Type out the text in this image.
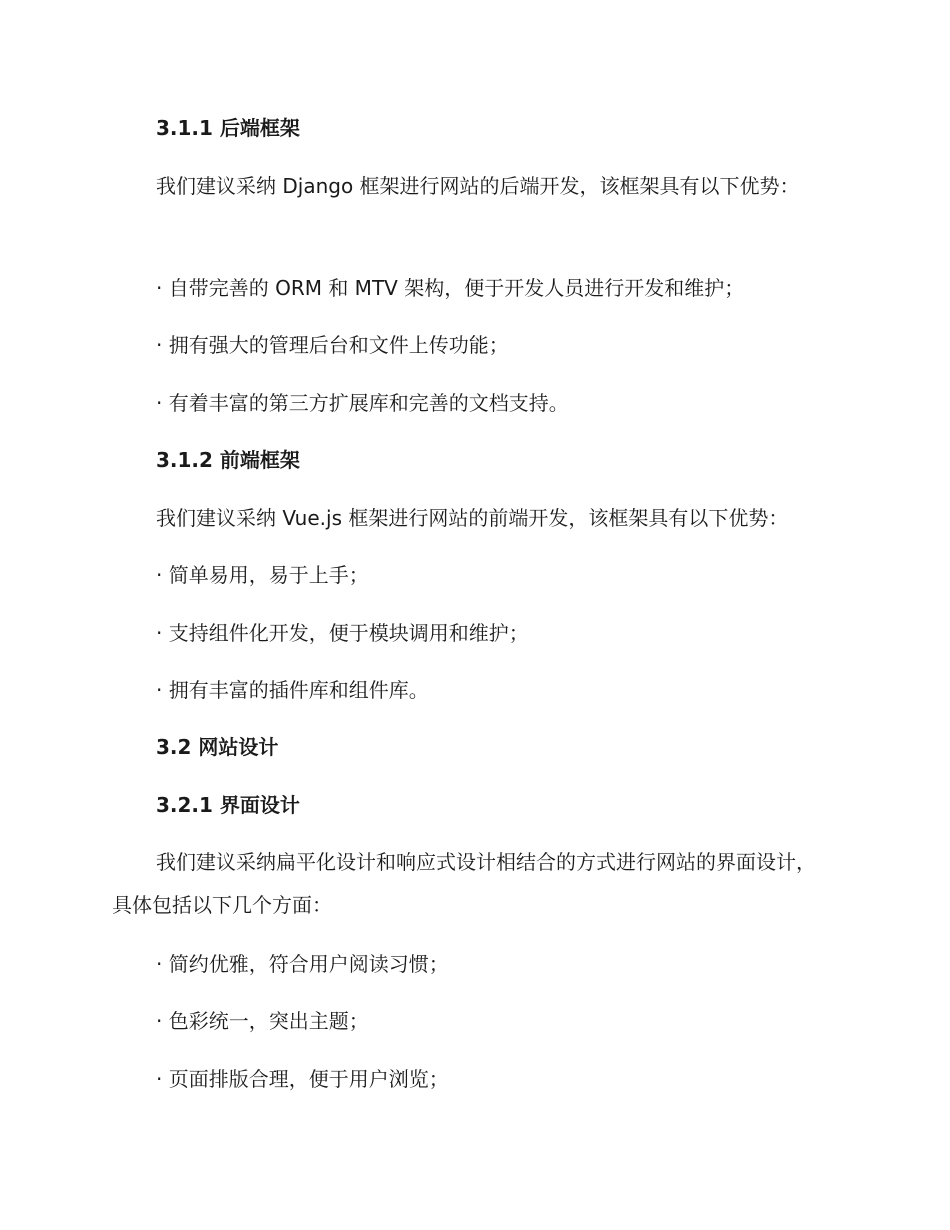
3.1.1 后端框架

我们建议采纳 Django 框架进行网站的后端开发，该框架具有以下优势：

· 自带完善的 ORM 和 MTV 架构，便于开发人员进行开发和维护；

· 拥有强大的管理后台和文件上传功能；

· 有着丰富的第三方扩展库和完善的文档支持。

3.1.2 前端框架

我们建议采纳 Vue.js 框架进行网站的前端开发，该框架具有以下优势：

· 简单易用，易于上手；

· 支持组件化开发，便于模块调用和维护；

· 拥有丰富的插件库和组件库。

3.2 网站设计
3.2.1 界面设计

我们建议采纳扁平化设计和响应式设计相结合的方式进行网站的界面设计，具体包括以下几个方面：

· 简约优雅，符合用户阅读习惯；

· 色彩统一，突出主题；

· 页面排版合理，便于用户浏览；
